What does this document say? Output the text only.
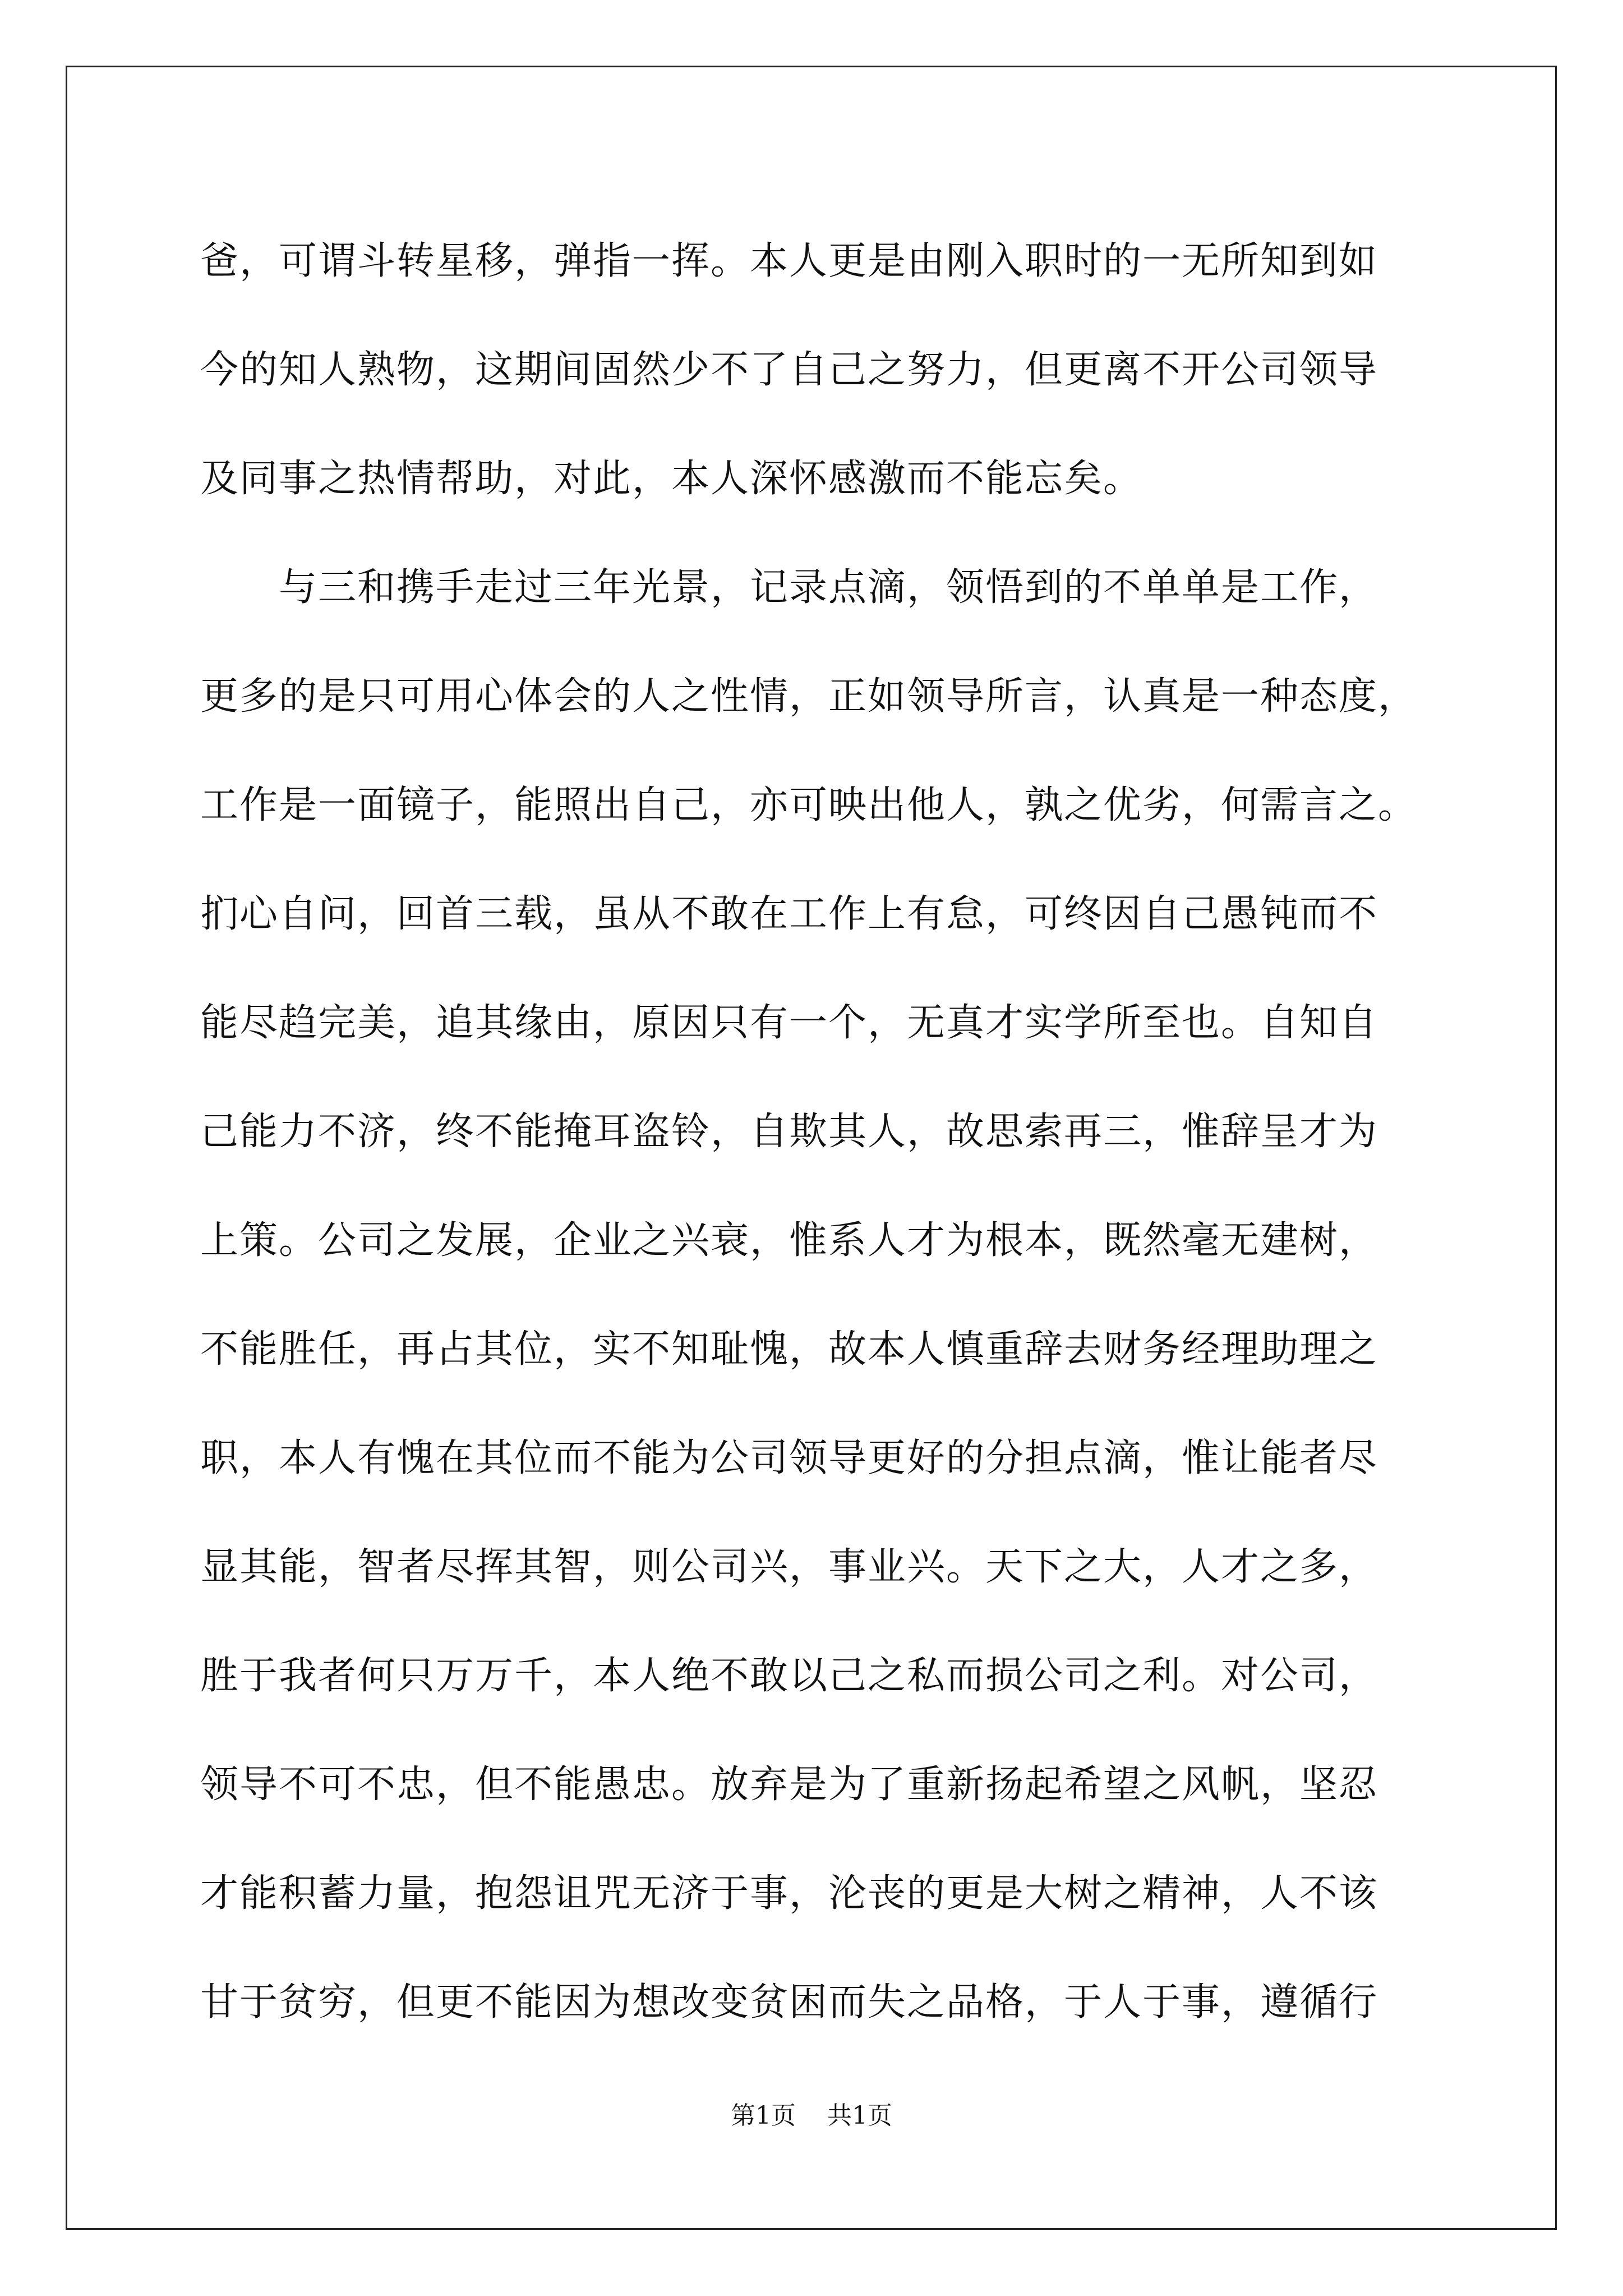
爸，可谓斗转星移，弹指一挥。本人更是由刚入职时的一无所知到如
今的知人熟物，这期间固然少不了自己之努力，但更离不开公司领导
及同事之热情帮助，对此，本人深怀感激而不能忘矣。
与三和携手走过三年光景，记录点滴，领悟到的不单单是工作，
更多的是只可用心体会的人之性情，正如领导所言，认真是一种态度，
工作是一面镜子，能照出自己，亦可映出他人，孰之优劣，何需言之。
扪心自问，回首三载，虽从不敢在工作上有怠，可终因自己愚钝而不
能尽趋完美，追其缘由，原因只有一个，无真才实学所至也。自知自
己能力不济，终不能掩耳盗铃，自欺其人，故思索再三，惟辞呈才为
上策。公司之发展，企业之兴衰，惟系人才为根本，既然毫无建树，
不能胜任，再占其位，实不知耻愧，故本人慎重辞去财务经理助理之
职，本人有愧在其位而不能为公司领导更好的分担点滴，惟让能者尽
显其能，智者尽挥其智，则公司兴，事业兴。天下之大，人才之多，
胜于我者何只万万千，本人绝不敢以己之私而损公司之利。对公司，
领导不可不忠，但不能愚忠。放弃是为了重新扬起希望之风帆，坚忍
才能积蓄力量，抱怨诅咒无济于事，沦丧的更是大树之精神，人不该
甘于贫穷，但更不能因为想改变贫困而失之品格，于人于事，遵循行
第1页 共1页
